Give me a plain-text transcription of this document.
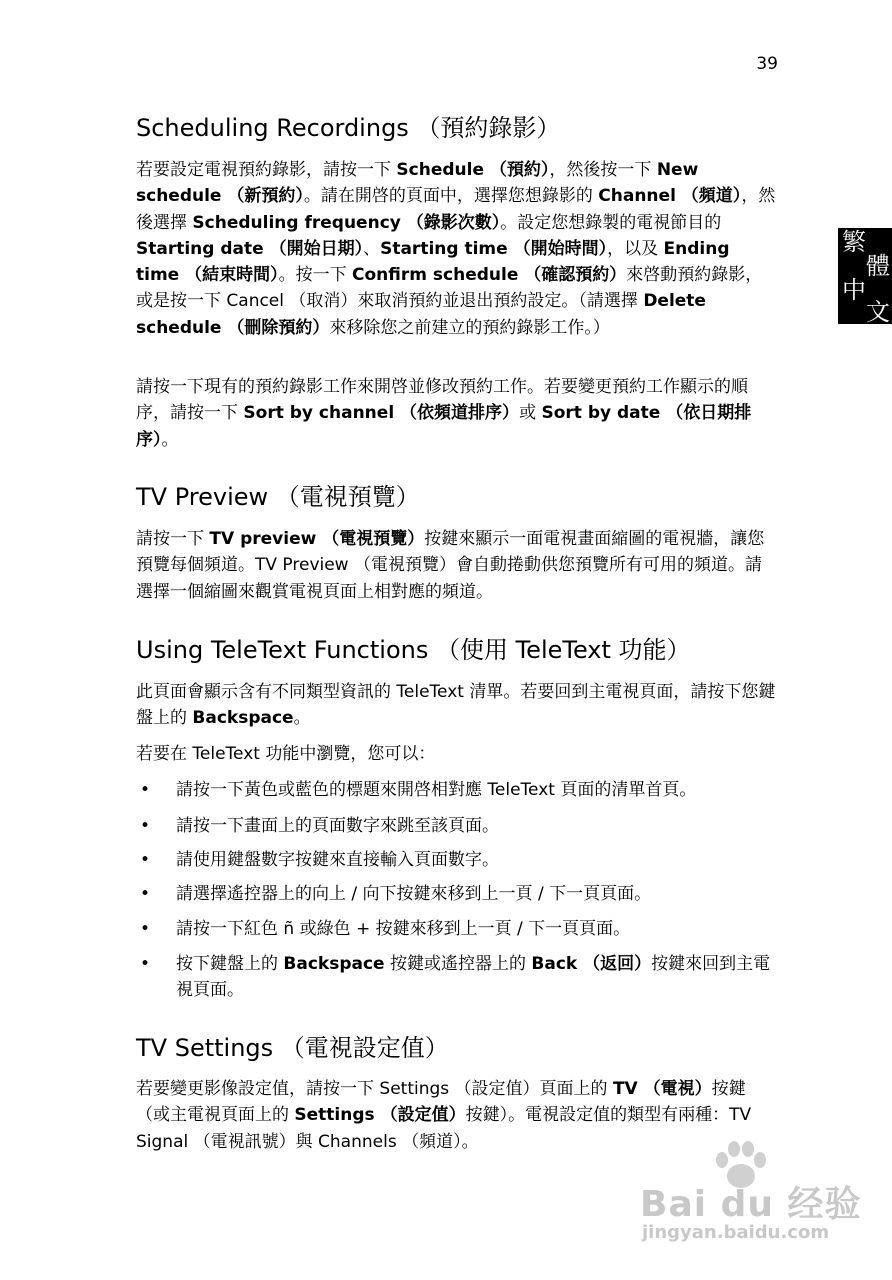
39
繁
體
中
文
Scheduling Recordings （預約錄影）

若要設定電視預約錄影，請按一下 Schedule （預約），然後按一下 New schedule （新預約）。請在開啓的頁面中，選擇您想錄影的 Channel （頻道），然後選擇 Scheduling frequency （錄影次數）。設定您想錄製的電視節目的 Starting date （開始日期）、Starting time （開始時間），以及 Ending time （結束時間）。按一下 Confirm schedule （確認預約）來啓動預約錄影，或是按一下 Cancel （取消）來取消預約並退出預約設定。（請選擇 Delete schedule （刪除預約）來移除您之前建立的預約錄影工作。）

請按一下現有的預約錄影工作來開啓並修改預約工作。若要變更預約工作顯示的順序，請按一下 Sort by channel （依頻道排序）或 Sort by date （依日期排序）。

TV Preview （電視預覽）

請按一下 TV preview （電視預覽）按鍵來顯示一面電視畫面縮圖的電視牆，讓您預覽每個頻道。TV Preview （電視預覽）會自動捲動供您預覽所有可用的頻道。請選擇一個縮圖來觀賞電視頁面上相對應的頻道。

Using TeleText Functions （使用 TeleText 功能）

此頁面會顯示含有不同類型資訊的 TeleText 清單。若要回到主電視頁面，請按下您鍵盤上的 Backspace。

若要在 TeleText 功能中瀏覽，您可以：

• 請按一下黃色或藍色的標題來開啓相對應 TeleText 頁面的清單首頁。
• 請按一下畫面上的頁面數字來跳至該頁面。
• 請使用鍵盤數字按鍵來直接輸入頁面數字。
• 請選擇遙控器上的向上 / 向下按鍵來移到上一頁 / 下一頁頁面。
• 請按一下紅色 ñ 或綠色 + 按鍵來移到上一頁 / 下一頁頁面。
• 按下鍵盤上的 Backspace 按鍵或遙控器上的 Back （返回）按鍵來回到主電視頁面。
TV Settings （電視設定值）

若要變更影像設定值，請按一下 Settings （設定值）頁面上的 TV （電視）按鍵 （或主電視頁面上的 Settings （設定值）按鍵）。電視設定值的類型有兩種：TV Signal （電視訊號）與 Channels （頻道）。

Bai du 经验
jingyan.baidu.com
